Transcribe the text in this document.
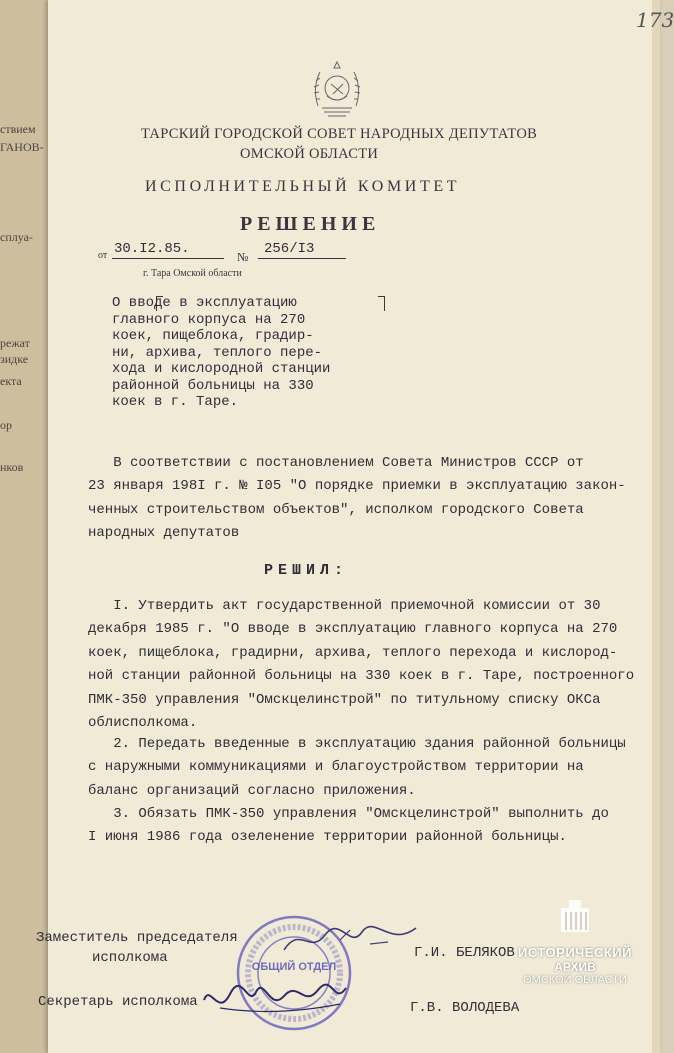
ствием
ГАНОВ-
сплуа-
режат
зидке
екта
ор
нков
173
ТАРСКИЙ ГОРОДСКОЙ СОВЕТ НАРОДНЫХ ДЕПУТАТОВ
ОМСКОЙ ОБЛАСТИ
ИСПОЛНИТЕЛЬНЫЙ КОМИТЕТ
РЕШЕНИЕ
от 30.I2.85.	№ 256/I3
г. Тара Омской области
О вводе в эксплуатацию
главного корпуса на 270
коек, пищеблока, градир-
ни, архива, теплого пере-
хода и кислородной станции
районной больницы на 330
коек в г. Таре.
В соответствии с постановлением Совета Министров СССР от
23 января 198I г. № I05 "О порядке приемки в эксплуатацию закон-
ченных строительством объектов", исполком городского Совета
народных депутатов
РЕШИЛ:
I. Утвердить акт государственной приемочной комиссии от 30
декабря 1985 г. "О вводе в эксплуатацию главного корпуса на 270
коек, пищеблока, градирни, архива, теплого перехода и кислород-
ной станции районной больницы на 330 коек в г. Таре, построенного
ПМК-350 управления "Омскцелинстрой" по титульному списку ОКСа
облисполкома.
2. Передать введенные в эксплуатацию здания районной больницы
с наружными коммуникациями и благоустройством территории на
баланс организаций согласно приложения.
3. Обязать ПМК-350 управления "Омскцелинстрой" выполнить до
I июня 1986 года озеленение территории районной больницы.
Заместитель председателя
исполкома	Г.И. БЕЛЯКОВ
Секретарь исполкома	Г.В. ВОЛОДЕВА
ОБЩИЙ ОТДЕЛ
ИСТОРИЧЕСКИЙ
АРХИВ
ОМСКОЙ ОБЛАСТИ
